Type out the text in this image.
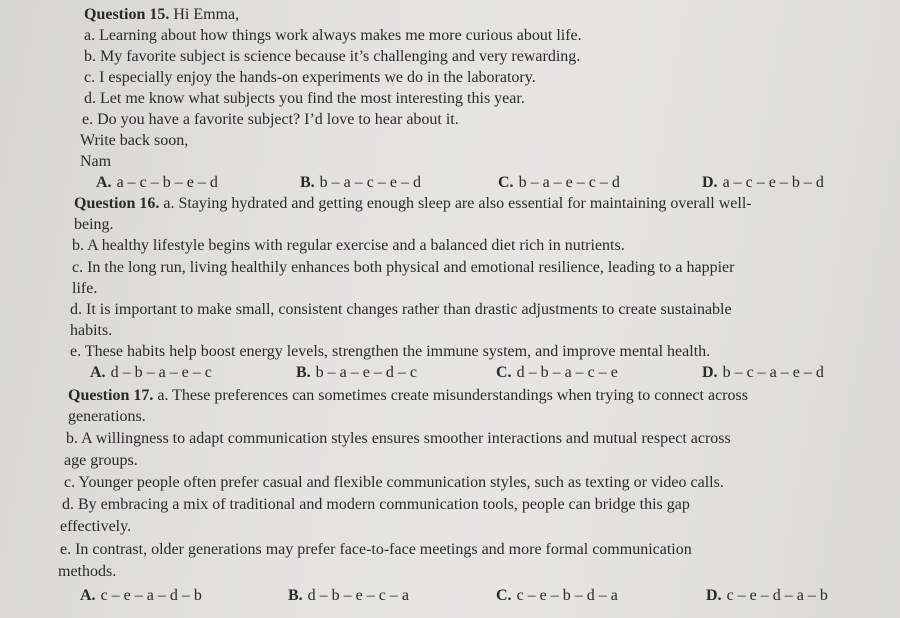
Question 15. Hi Emma,
a. Learning about how things work always makes me more curious about life.
b. My favorite subject is science because it’s challenging and very rewarding.
c. I especially enjoy the hands-on experiments we do in the laboratory.
d. Let me know what subjects you find the most interesting this year.
e. Do you have a favorite subject? I’d love to hear about it.
Write back soon,
Nam
A. a – c – b – e – d	B. b – a – c – e – d	C. b – a – e – c – d	D. a – c – e – b – d
Question 16. a. Staying hydrated and getting enough sleep are also essential for maintaining overall well-
being.
b. A healthy lifestyle begins with regular exercise and a balanced diet rich in nutrients.
c. In the long run, living healthily enhances both physical and emotional resilience, leading to a happier
life.
d. It is important to make small, consistent changes rather than drastic adjustments to create sustainable
habits.
e. These habits help boost energy levels, strengthen the immune system, and improve mental health.
A. d – b – a – e – c	B. b – a – e – d – c	C. d – b – a – c – e	D. b – c – a – e – d
Question 17. a. These preferences can sometimes create misunderstandings when trying to connect across
generations.
b. A willingness to adapt communication styles ensures smoother interactions and mutual respect across
age groups.
c. Younger people often prefer casual and flexible communication styles, such as texting or video calls.
d. By embracing a mix of traditional and modern communication tools, people can bridge this gap
effectively.
e. In contrast, older generations may prefer face-to-face meetings and more formal communication
methods.
A. c – e – a – d – b	B. d – b – e – c – a	C. c – e – b – d – a	D. c – e – d – a – b
